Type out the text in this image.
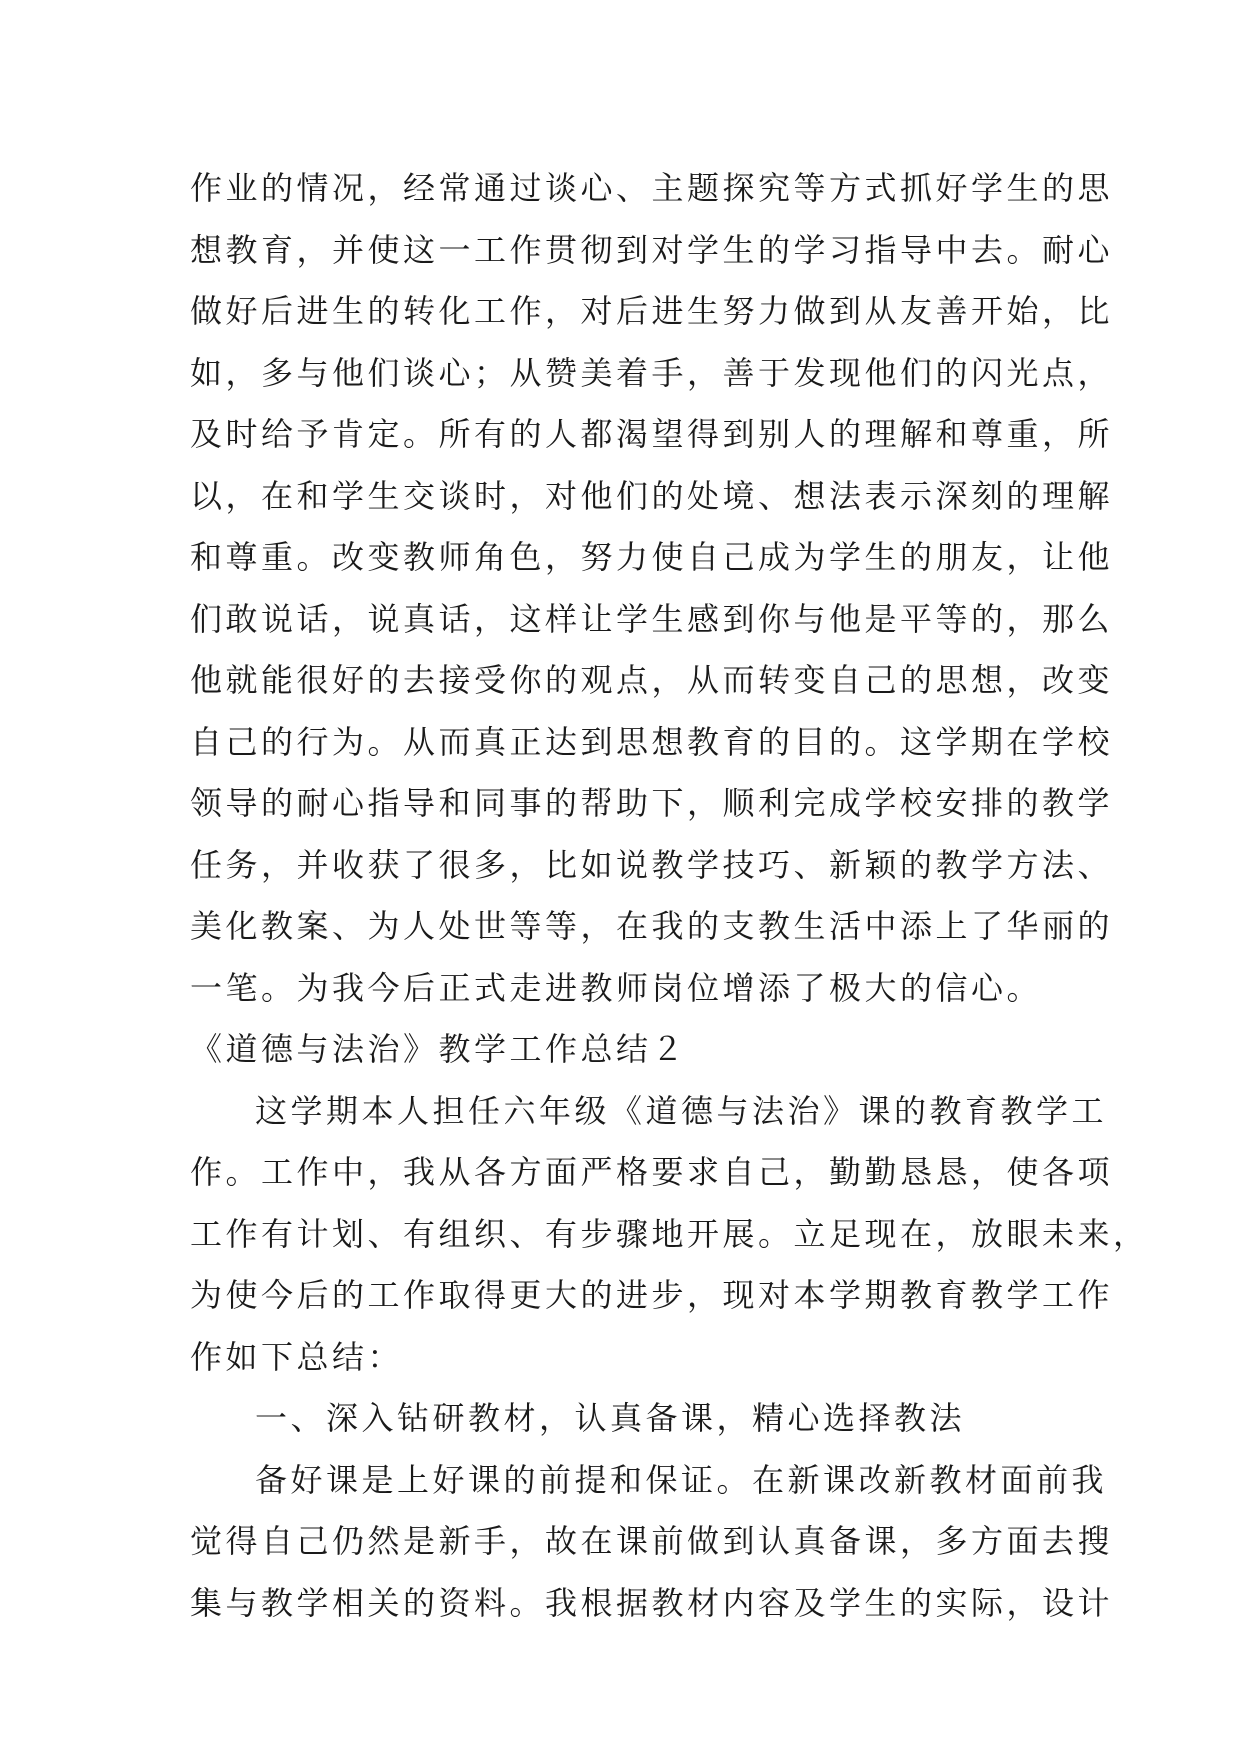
作业的情况，经常通过谈心、主题探究等方式抓好学生的思
想教育，并使这一工作贯彻到对学生的学习指导中去。耐心
做好后进生的转化工作，对后进生努力做到从友善开始，比
如，多与他们谈心；从赞美着手，善于发现他们的闪光点，
及时给予肯定。所有的人都渴望得到别人的理解和尊重，所
以，在和学生交谈时，对他们的处境、想法表示深刻的理解
和尊重。改变教师角色，努力使自己成为学生的朋友，让他
们敢说话，说真话，这样让学生感到你与他是平等的，那么
他就能很好的去接受你的观点，从而转变自己的思想，改变
自己的行为。从而真正达到思想教育的目的。这学期在学校
领导的耐心指导和同事的帮助下，顺利完成学校安排的教学
任务，并收获了很多，比如说教学技巧、新颖的教学方法、
美化教案、为人处世等等，在我的支教生活中添上了华丽的
一笔。为我今后正式走进教师岗位增添了极大的信心。
《道德与法治》教学工作总结２
这学期本人担任六年级《道德与法治》课的教育教学工
作。工作中，我从各方面严格要求自己，勤勤恳恳，使各项
工作有计划、有组织、有步骤地开展。立足现在，放眼未来，
为使今后的工作取得更大的进步，现对本学期教育教学工作
作如下总结：
一、深入钻研教材，认真备课，精心选择教法
备好课是上好课的前提和保证。在新课改新教材面前我
觉得自己仍然是新手，故在课前做到认真备课，多方面去搜
集与教学相关的资料。我根据教材内容及学生的实际，设计
